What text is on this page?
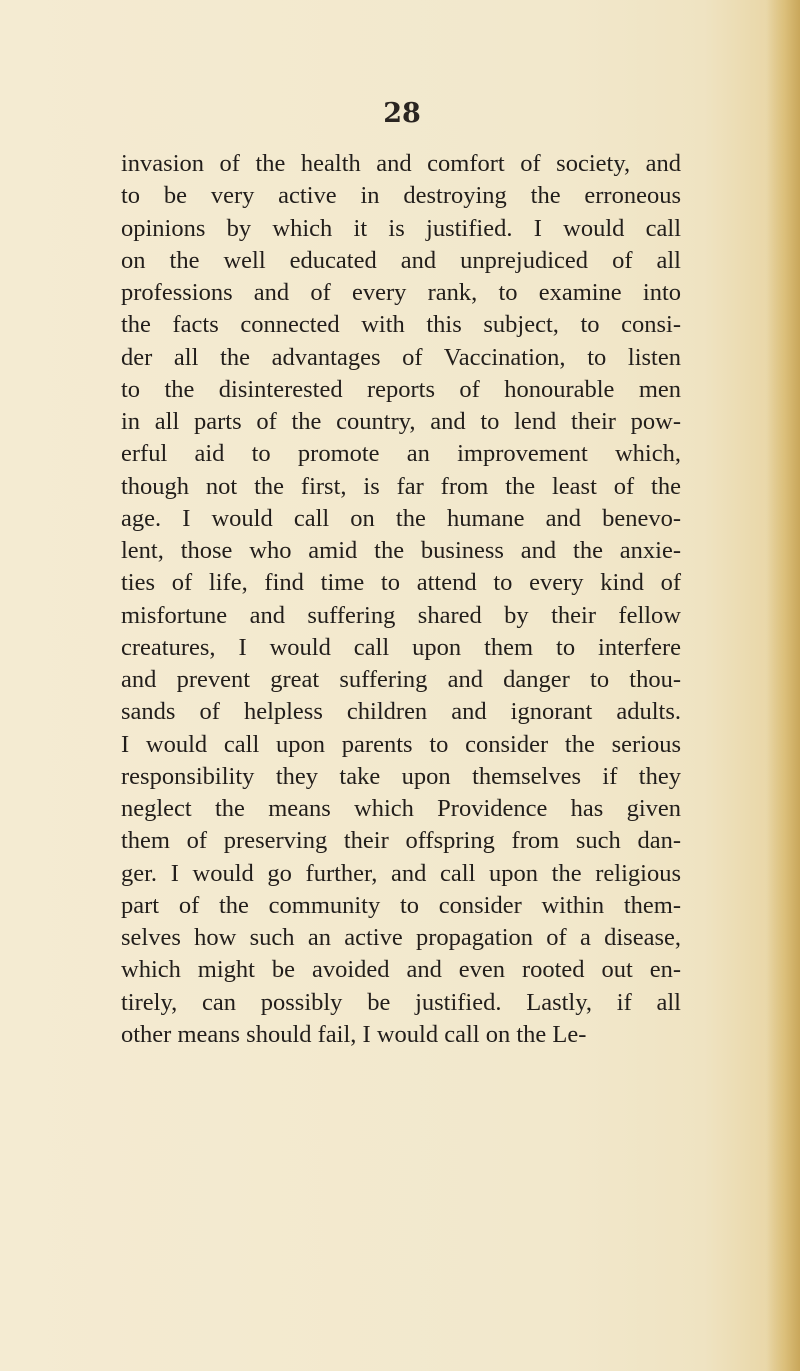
28
invasion of the health and comfort of society, and
to be very active in destroying the erroneous
opinions by which it is justified. I would call
on the well educated and unprejudiced of all
professions and of every rank, to examine into
the facts connected with this subject, to consi-
der all the advantages of Vaccination, to listen
to the disinterested reports of honourable men
in all parts of the country, and to lend their pow-
erful aid to promote an improvement which,
though not the first, is far from the least of the
age. I would call on the humane and benevo-
lent, those who amid the business and the anxie-
ties of life, find time to attend to every kind of
misfortune and suffering shared by their fellow
creatures, I would call upon them to interfere
and prevent great suffering and danger to thou-
sands of helpless children and ignorant adults.
I would call upon parents to consider the serious
responsibility they take upon themselves if they
neglect the means which Providence has given
them of preserving their offspring from such dan-
ger. I would go further, and call upon the religious
part of the community to consider within them-
selves how such an active propagation of a disease,
which might be avoided and even rooted out en-
tirely, can possibly be justified. Lastly, if all
other means should fail, I would call on the Le-
